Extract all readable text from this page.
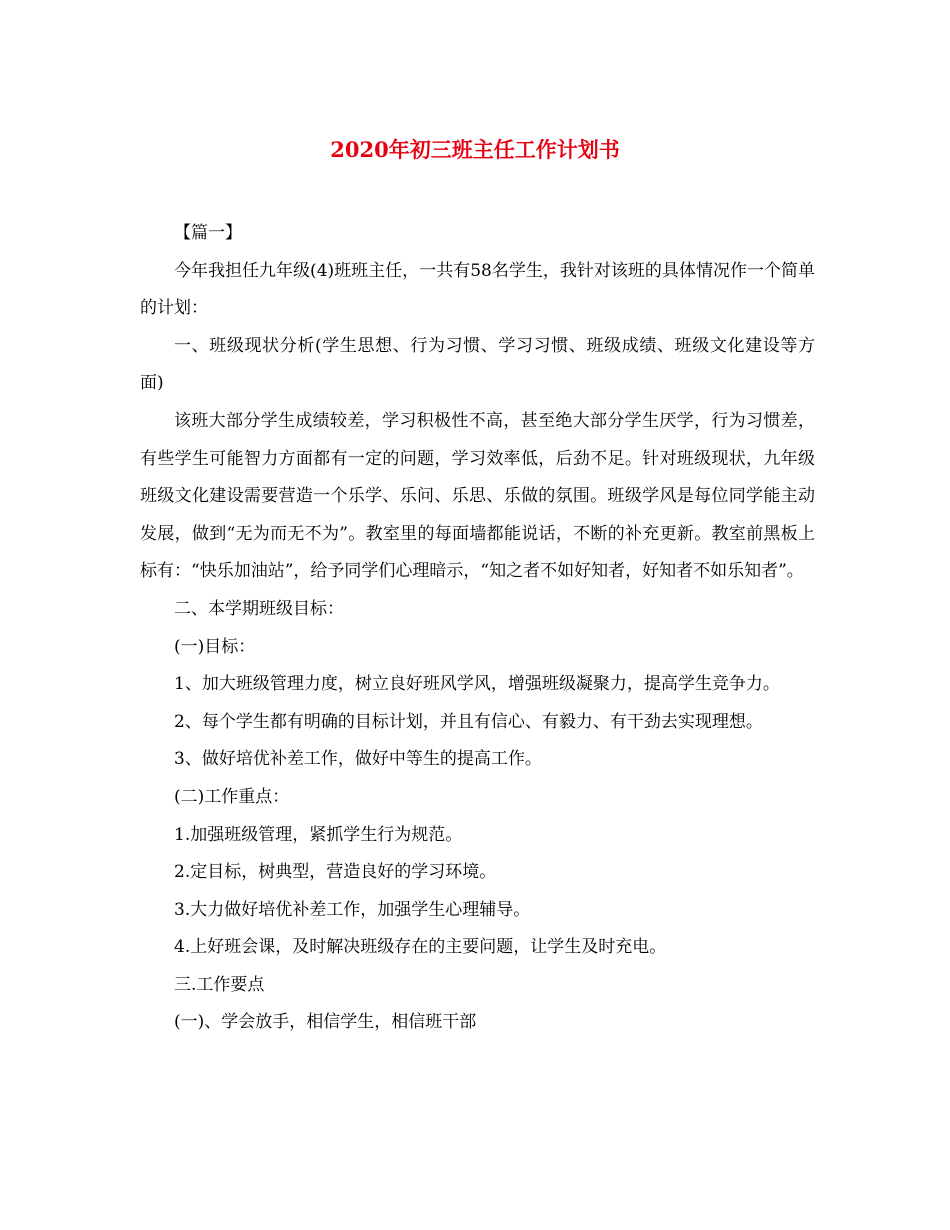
2020年初三班主任工作计划书

【篇一】

今年我担任九年级(4)班班主任，一共有58名学生，我针对该班的具体情况作一个简单的计划：

一、班级现状分析(学生思想、行为习惯、学习习惯、班级成绩、班级文化建设等方面)

该班大部分学生成绩较差，学习积极性不高，甚至绝大部分学生厌学，行为习惯差，有些学生可能智力方面都有一定的问题，学习效率低，后劲不足。针对班级现状，九年级班级文化建设需要营造一个乐学、乐问、乐思、乐做的氛围。班级学风是每位同学能主动发展，做到“无为而无不为”。教室里的每面墙都能说话，不断的补充更新。教室前黑板上标有：“快乐加油站”，给予同学们心理暗示，“知之者不如好知者，好知者不如乐知者”。

二、本学期班级目标：

(一)目标：

1、加大班级管理力度，树立良好班风学风，增强班级凝聚力，提高学生竞争力。

2、每个学生都有明确的目标计划，并且有信心、有毅力、有干劲去实现理想。

3、做好培优补差工作，做好中等生的提高工作。

(二)工作重点：

1.加强班级管理，紧抓学生行为规范。

2.定目标，树典型，营造良好的学习环境。

3.大力做好培优补差工作，加强学生心理辅导。

4.上好班会课，及时解决班级存在的主要问题，让学生及时充电。

三.工作要点

(一)、学会放手，相信学生，相信班干部
